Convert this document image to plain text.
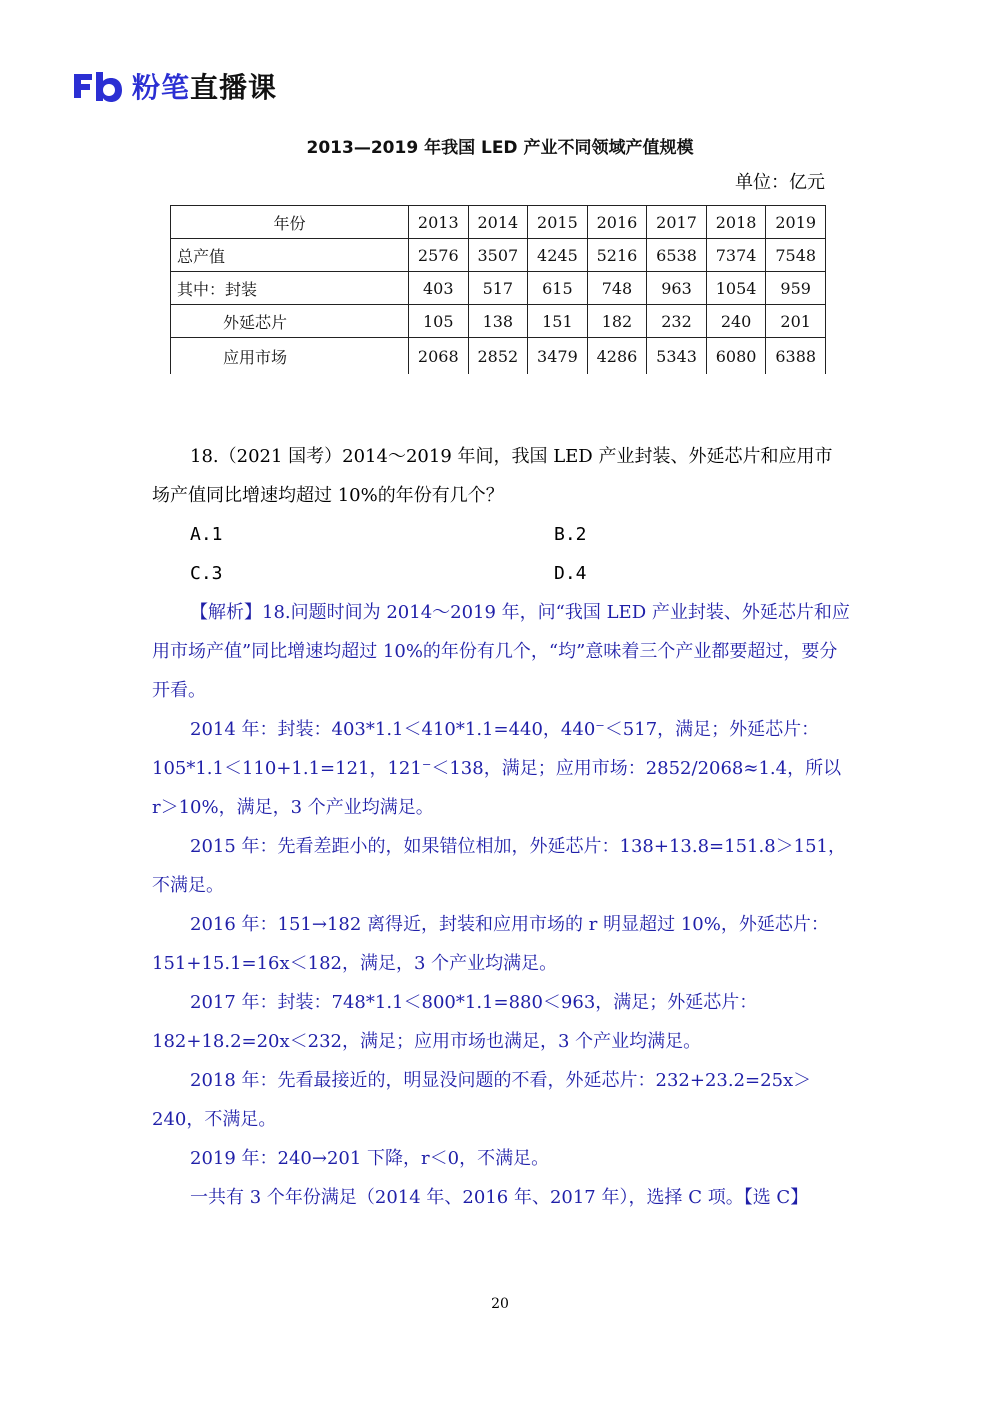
粉笔直播课
2013—2019 年我国 LED 产业不同领域产值规模
单位：亿元
年份	2013	2014	2015	2016	2017	2018	2019
总产值	2576	3507	4245	5216	6538	7374	7548
其中：封装	403	517	615	748	963	1054	959
外延芯片	105	138	151	182	232	240	201
应用市场	2068	2852	3479	4286	5343	6080	6388

18.（2021 国考）2014～2019 年间，我国 LED 产业封装、外延芯片和应用市

场产值同比增速均超过 10%的年份有几个？

A.1	B.2
C.3	D.4

【解析】18.问题时间为 2014～2019 年，问“我国 LED 产业封装、外延芯片和应用市场产值”同比增速均超过 10%的年份有几个，“均”意味着三个产业都要超过，要分开看。

2014 年：封装：403*1.1＜410*1.1=440，440⁻＜517，满足；外延芯片：105*1.1＜110+1.1=121，121⁻＜138，满足；应用市场：2852/2068≈1.4，所以 r＞10%，满足，3 个产业均满足。

2015 年：先看差距小的，如果错位相加，外延芯片：138+13.8=151.8＞151，不满足。

2016 年：151→182 离得近，封装和应用市场的 r 明显超过 10%，外延芯片：151+15.1=16x＜182，满足，3 个产业均满足。

2017 年：封装：748*1.1＜800*1.1=880＜963，满足；外延芯片：182+18.2=20x＜232，满足；应用市场也满足，3 个产业均满足。

2018 年：先看最接近的，明显没问题的不看，外延芯片：232+23.2=25x＞240，不满足。

2019 年：240→201 下降，r＜0，不满足。

一共有 3 个年份满足（2014 年、2016 年、2017 年），选择 C 项。【选 C】

20
